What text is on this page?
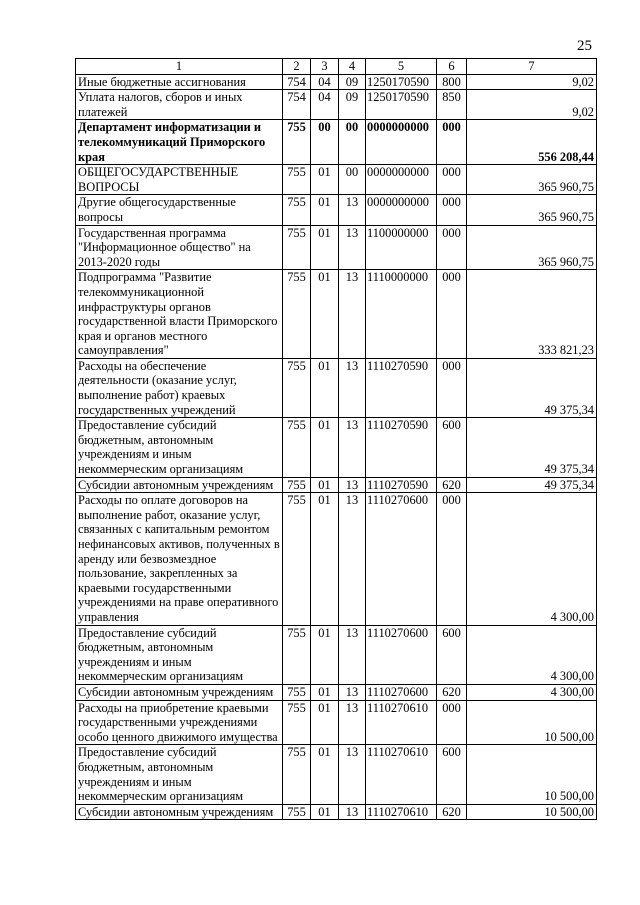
25
1	2	3	4	5	6	7
Иные бюджетные ассигнования	754	04	09	1250170590	800	9,02
Уплата налогов, сборов и иных платежей	754	04	09	1250170590	850	9,02
Департамент информатизации и телекоммуникаций Приморского края	755	00	00	0000000000	000	556 208,44
ОБЩЕГОСУДАРСТВЕННЫЕ ВОПРОСЫ	755	01	00	0000000000	000	365 960,75
Другие общегосударственные вопросы	755	01	13	0000000000	000	365 960,75
Государственная программа "Информационное общество" на 2013-2020 годы	755	01	13	1100000000	000	365 960,75
Подпрограмма "Развитие телекоммуникационной инфраструктуры органов государственной власти Приморского края и органов местного самоуправления"	755	01	13	1110000000	000	333 821,23
Расходы на обеспечение деятельности (оказание услуг, выполнение работ) краевых государственных учреждений	755	01	13	1110270590	000	49 375,34
Предоставление субсидий бюджетным, автономным учреждениям и иным некоммерческим организациям	755	01	13	1110270590	600	49 375,34
Субсидии автономным учреждениям	755	01	13	1110270590	620	49 375,34
Расходы по оплате договоров на выполнение работ, оказание услуг, связанных с капитальным ремонтом нефинансовых активов, полученных в аренду или безвозмездное пользование, закрепленных за краевыми государственными учреждениями на праве оперативного управления	755	01	13	1110270600	000	4 300,00
Предоставление субсидий бюджетным, автономным учреждениям и иным некоммерческим организациям	755	01	13	1110270600	600	4 300,00
Субсидии автономным учреждениям	755	01	13	1110270600	620	4 300,00
Расходы на приобретение краевыми государственными учреждениями особо ценного движимого имущества	755	01	13	1110270610	000	10 500,00
Предоставление субсидий бюджетным, автономным учреждениям и иным некоммерческим организациям	755	01	13	1110270610	600	10 500,00
Субсидии автономным учреждениям	755	01	13	1110270610	620	10 500,00
